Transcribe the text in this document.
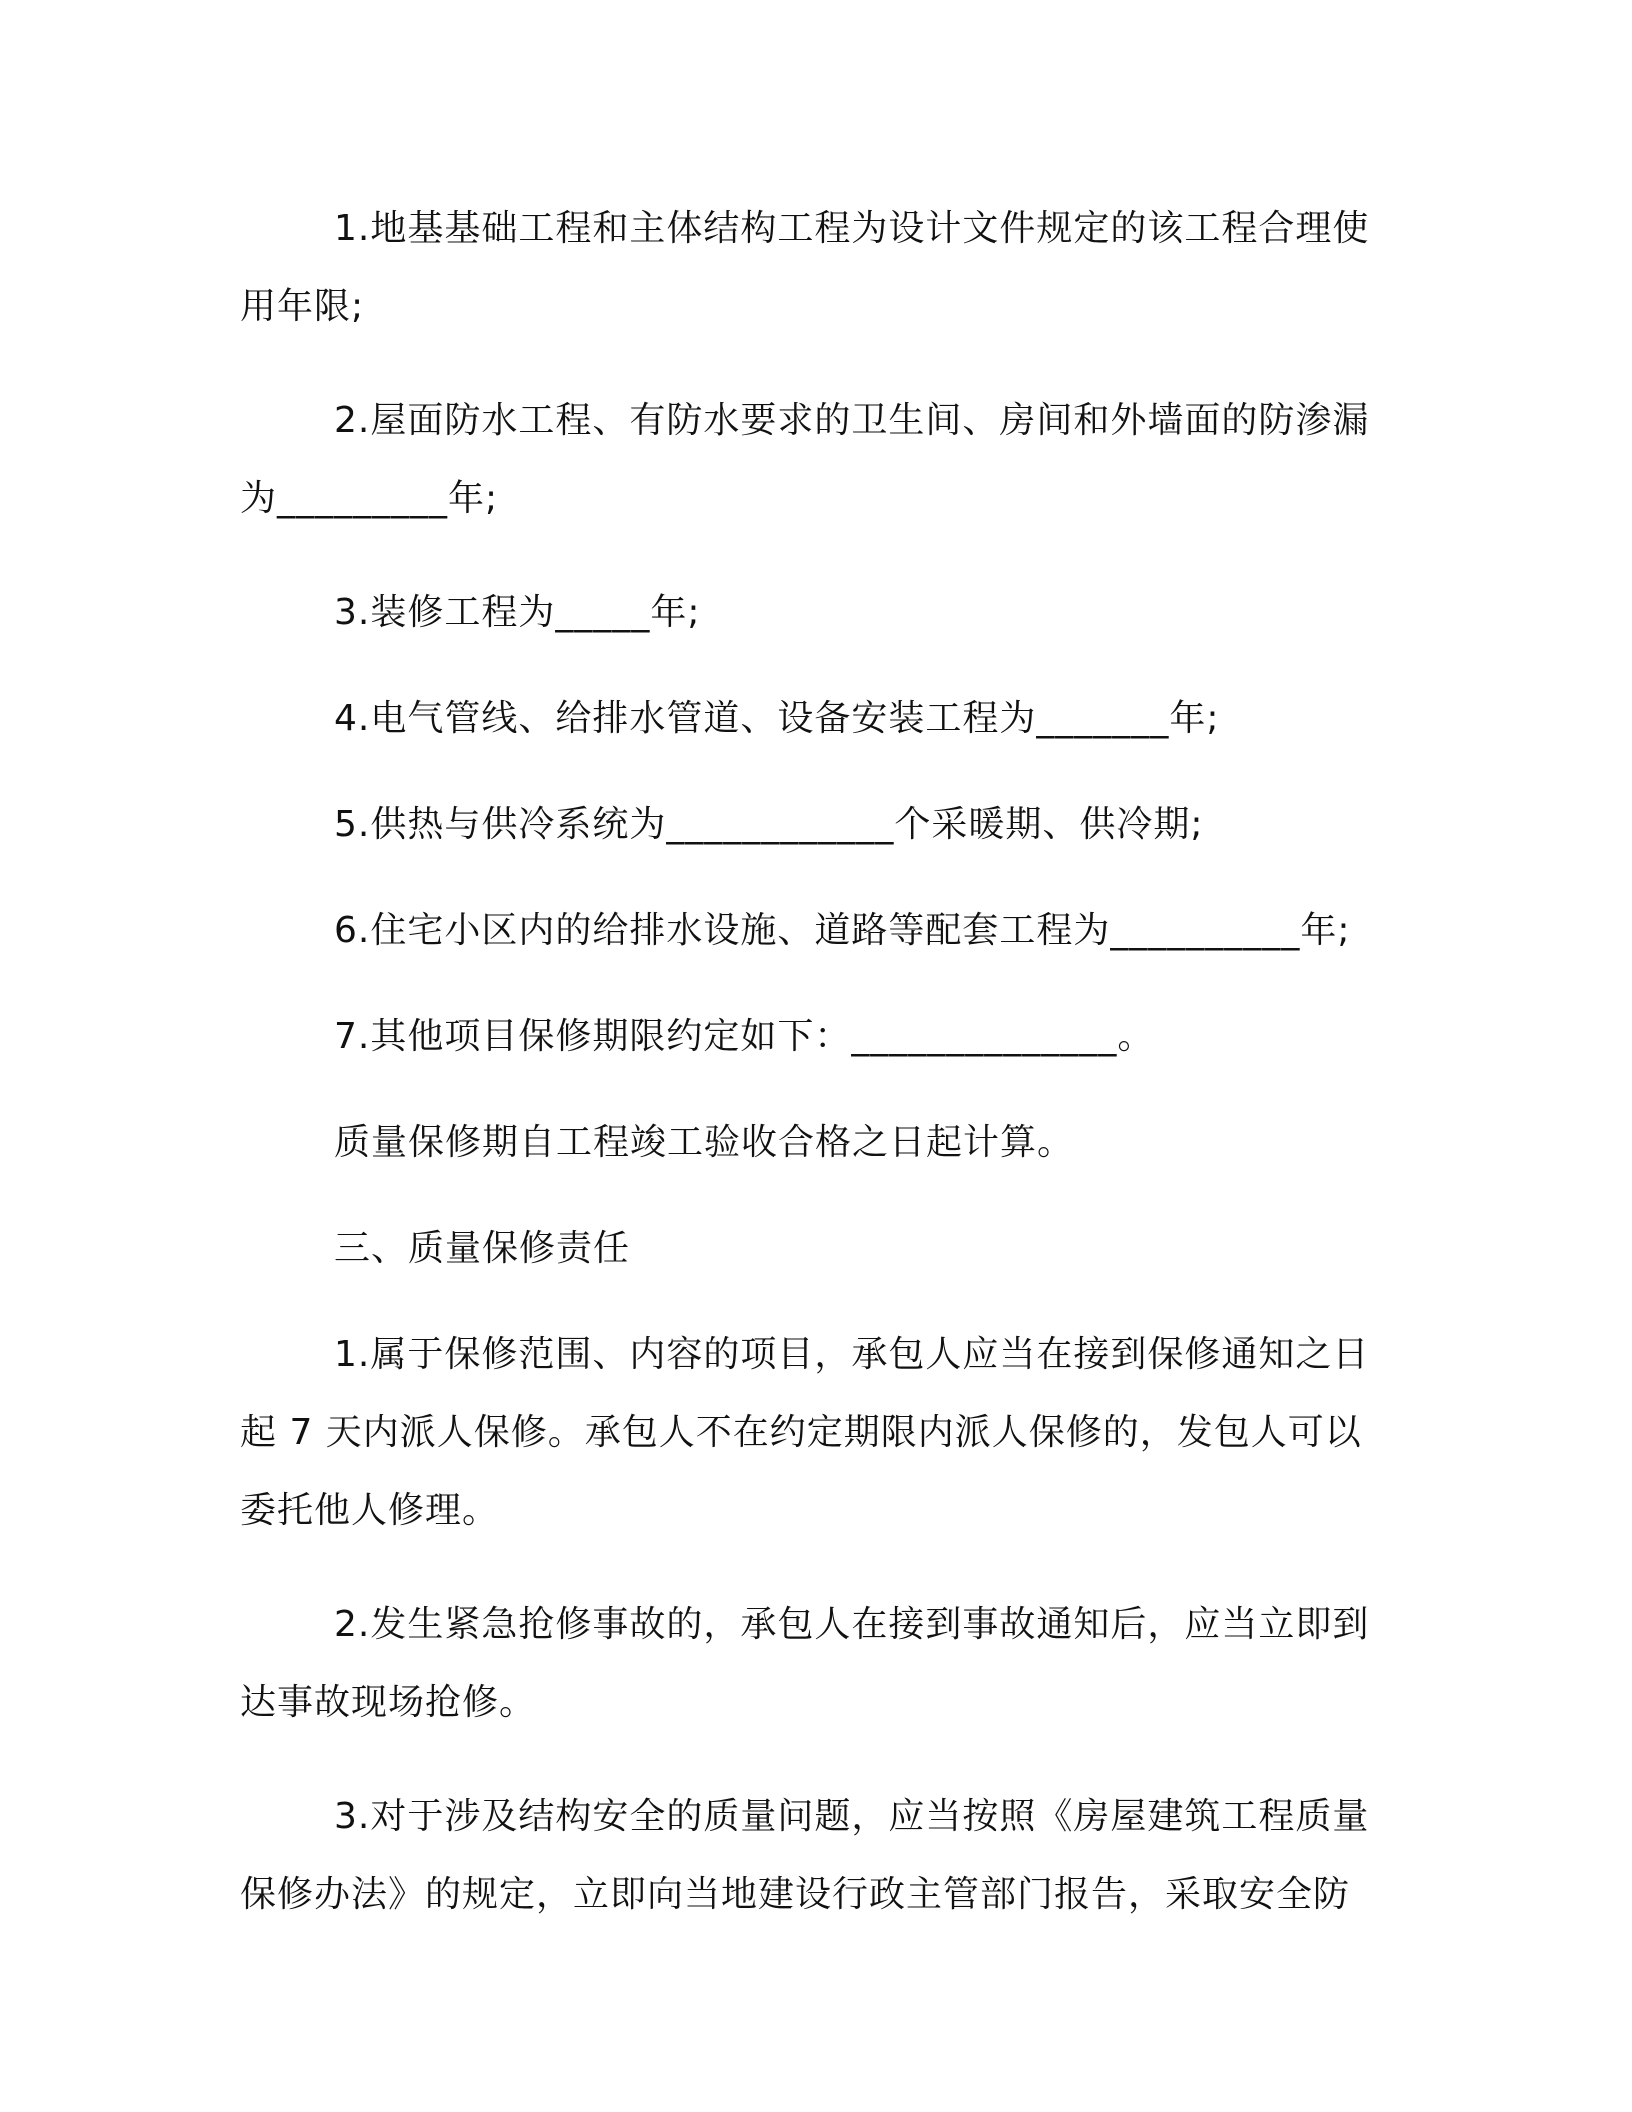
1.地基基础工程和主体结构工程为设计文件规定的该工程合理使用年限;

2.屋面防水工程、有防水要求的卫生间、房间和外墙面的防渗漏为_________年;

3.装修工程为_____年;

4.电气管线、给排水管道、设备安装工程为_______年;

5.供热与供冷系统为____________个采暖期、供冷期;

6.住宅小区内的给排水设施、道路等配套工程为__________年;

7.其他项目保修期限约定如下：______________。

质量保修期自工程竣工验收合格之日起计算。

三、质量保修责任

1.属于保修范围、内容的项目，承包人应当在接到保修通知之日起 7 天内派人保修。承包人不在约定期限内派人保修的，发包人可以委托他人修理。

2.发生紧急抢修事故的，承包人在接到事故通知后，应当立即到达事故现场抢修。

3.对于涉及结构安全的质量问题，应当按照《房屋建筑工程质量保修办法》的规定，立即向当地建设行政主管部门报告，采取安全防
